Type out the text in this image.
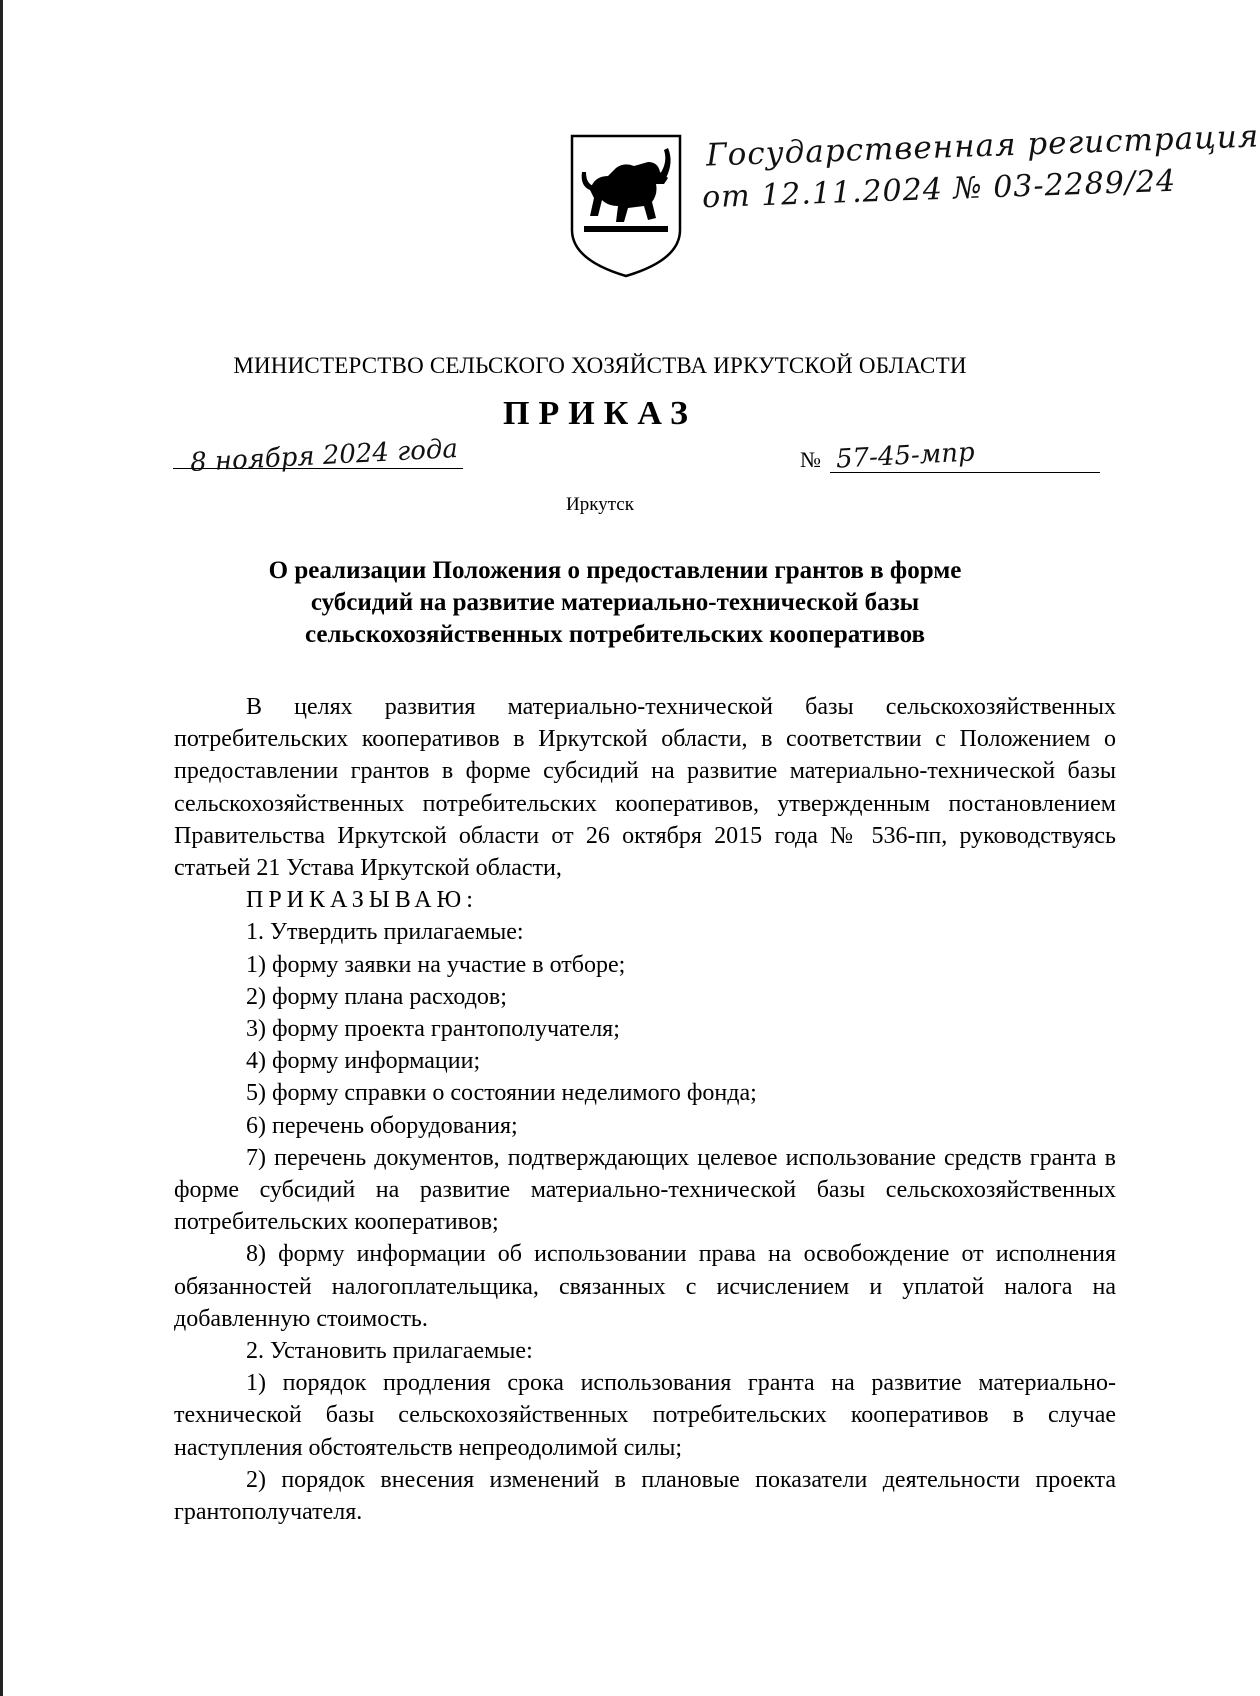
Государственная регистрация
от 12.11.2024 № 03-2289/24
МИНИСТЕРСТВО СЕЛЬСКОГО ХОЗЯЙСТВА ИРКУТСКОЙ ОБЛАСТИ
ПРИКАЗ
8 ноября 2024 года	№ 57-45-мпр
Иркутск
О реализации Положения о предоставлении грантов в форме
субсидий на развитие материально-технической базы
сельскохозяйственных потребительских кооперативов
В целях развития материально-технической базы сельскохозяйственных потребительских кооперативов в Иркутской области, в соответствии с Положением о предоставлении грантов в форме субсидий на развитие материально-технической базы сельскохозяйственных потребительских кооперативов, утвержденным постановлением Правительства Иркутской области от 26 октября 2015 года № 536-пп, руководствуясь статьей 21 Устава Иркутской области,
ПРИКАЗЫВАЮ:
1. Утвердить прилагаемые:
1) форму заявки на участие в отборе;
2) форму плана расходов;
3) форму проекта грантополучателя;
4) форму информации;
5) форму справки о состоянии неделимого фонда;
6) перечень оборудования;
7) перечень документов, подтверждающих целевое использование средств гранта в форме субсидий на развитие материально-технической базы сельскохозяйственных потребительских кооперативов;
8) форму информации об использовании права на освобождение от исполнения обязанностей налогоплательщика, связанных с исчислением и уплатой налога на добавленную стоимость.
2. Установить прилагаемые:
1) порядок продления срока использования гранта на развитие материально-технической базы сельскохозяйственных потребительских кооперативов в случае наступления обстоятельств непреодолимой силы;
2) порядок внесения изменений в плановые показатели деятельности проекта грантополучателя.
